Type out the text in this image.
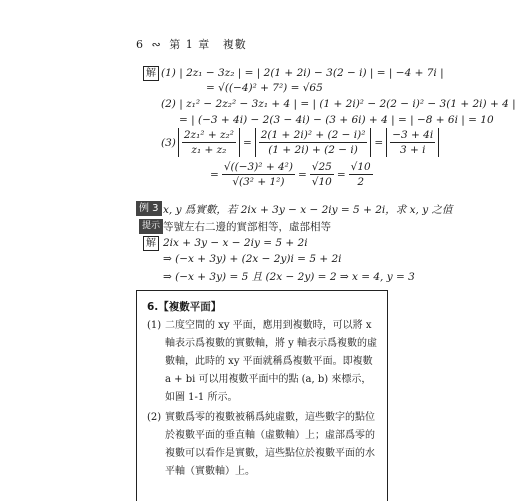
6 ∾ 第 1 章 複數
解 (1) | 2z₁ − 3z₂ | = | 2(1 + 2i) − 3(2 − i) | = | −4 + 7i |
= √((−4)² + 7²) = √65
(2) | z₁² − 2z₂² − 3z₁ + 4 | = | (1 + 2i)² − 2(2 − i)² − 3(1 + 2i) + 4 |
= | (−3 + 4i) − 2(3 − 4i) − (3 + 6i) + 4 | = | −8 + 6i | = 10
$(3) \frac{\text{2z₁² + z₂²}}{\text{z₁ + z₂}} = \frac{\text{2(1 + 2i)² + (2 − i)²}}{(1 + 2i) + (2 - i)} = \frac{-3 + 4i}{3 + i}$
= $\frac{\text{√((−3)² + 4²)}}{\text{√(3² + 1²)}} = \frac{√25}{√10} = \frac{√10}{2}$
例 3 x, y 爲實數，若 2ix + 3y − x − 2iy = 5 + 2i，求 x, y 之值
提示 等號左右二邊的實部相等，虛部相等
解 2ix + 3y − x − 2iy = 5 + 2i
⇒ (−x + 3y) + (2x − 2y)i = 5 + 2i
⇒ (−x + 3y) = 5 且 (2x − 2y) = 2 ⇒ x = 4, y = 3
6.【複數平面】
(1) 二度空間的 xy 平面，應用到複數時，可以將 x 軸表示爲複數的實數軸，將 y 軸表示爲複數的虛數軸，此時的 xy 平面就稱爲複數平面。即複數 a + bi 可以用複數平面中的點 (a, b) 來標示，如圖 1-1 所示。
(2) 實數爲零的複數被稱爲純虛數，這些數字的點位於複數平面的垂直軸（虛數軸）上；虛部爲零的複數可以看作是實數，這些點位於複數平面的水平軸（實數軸）上。
